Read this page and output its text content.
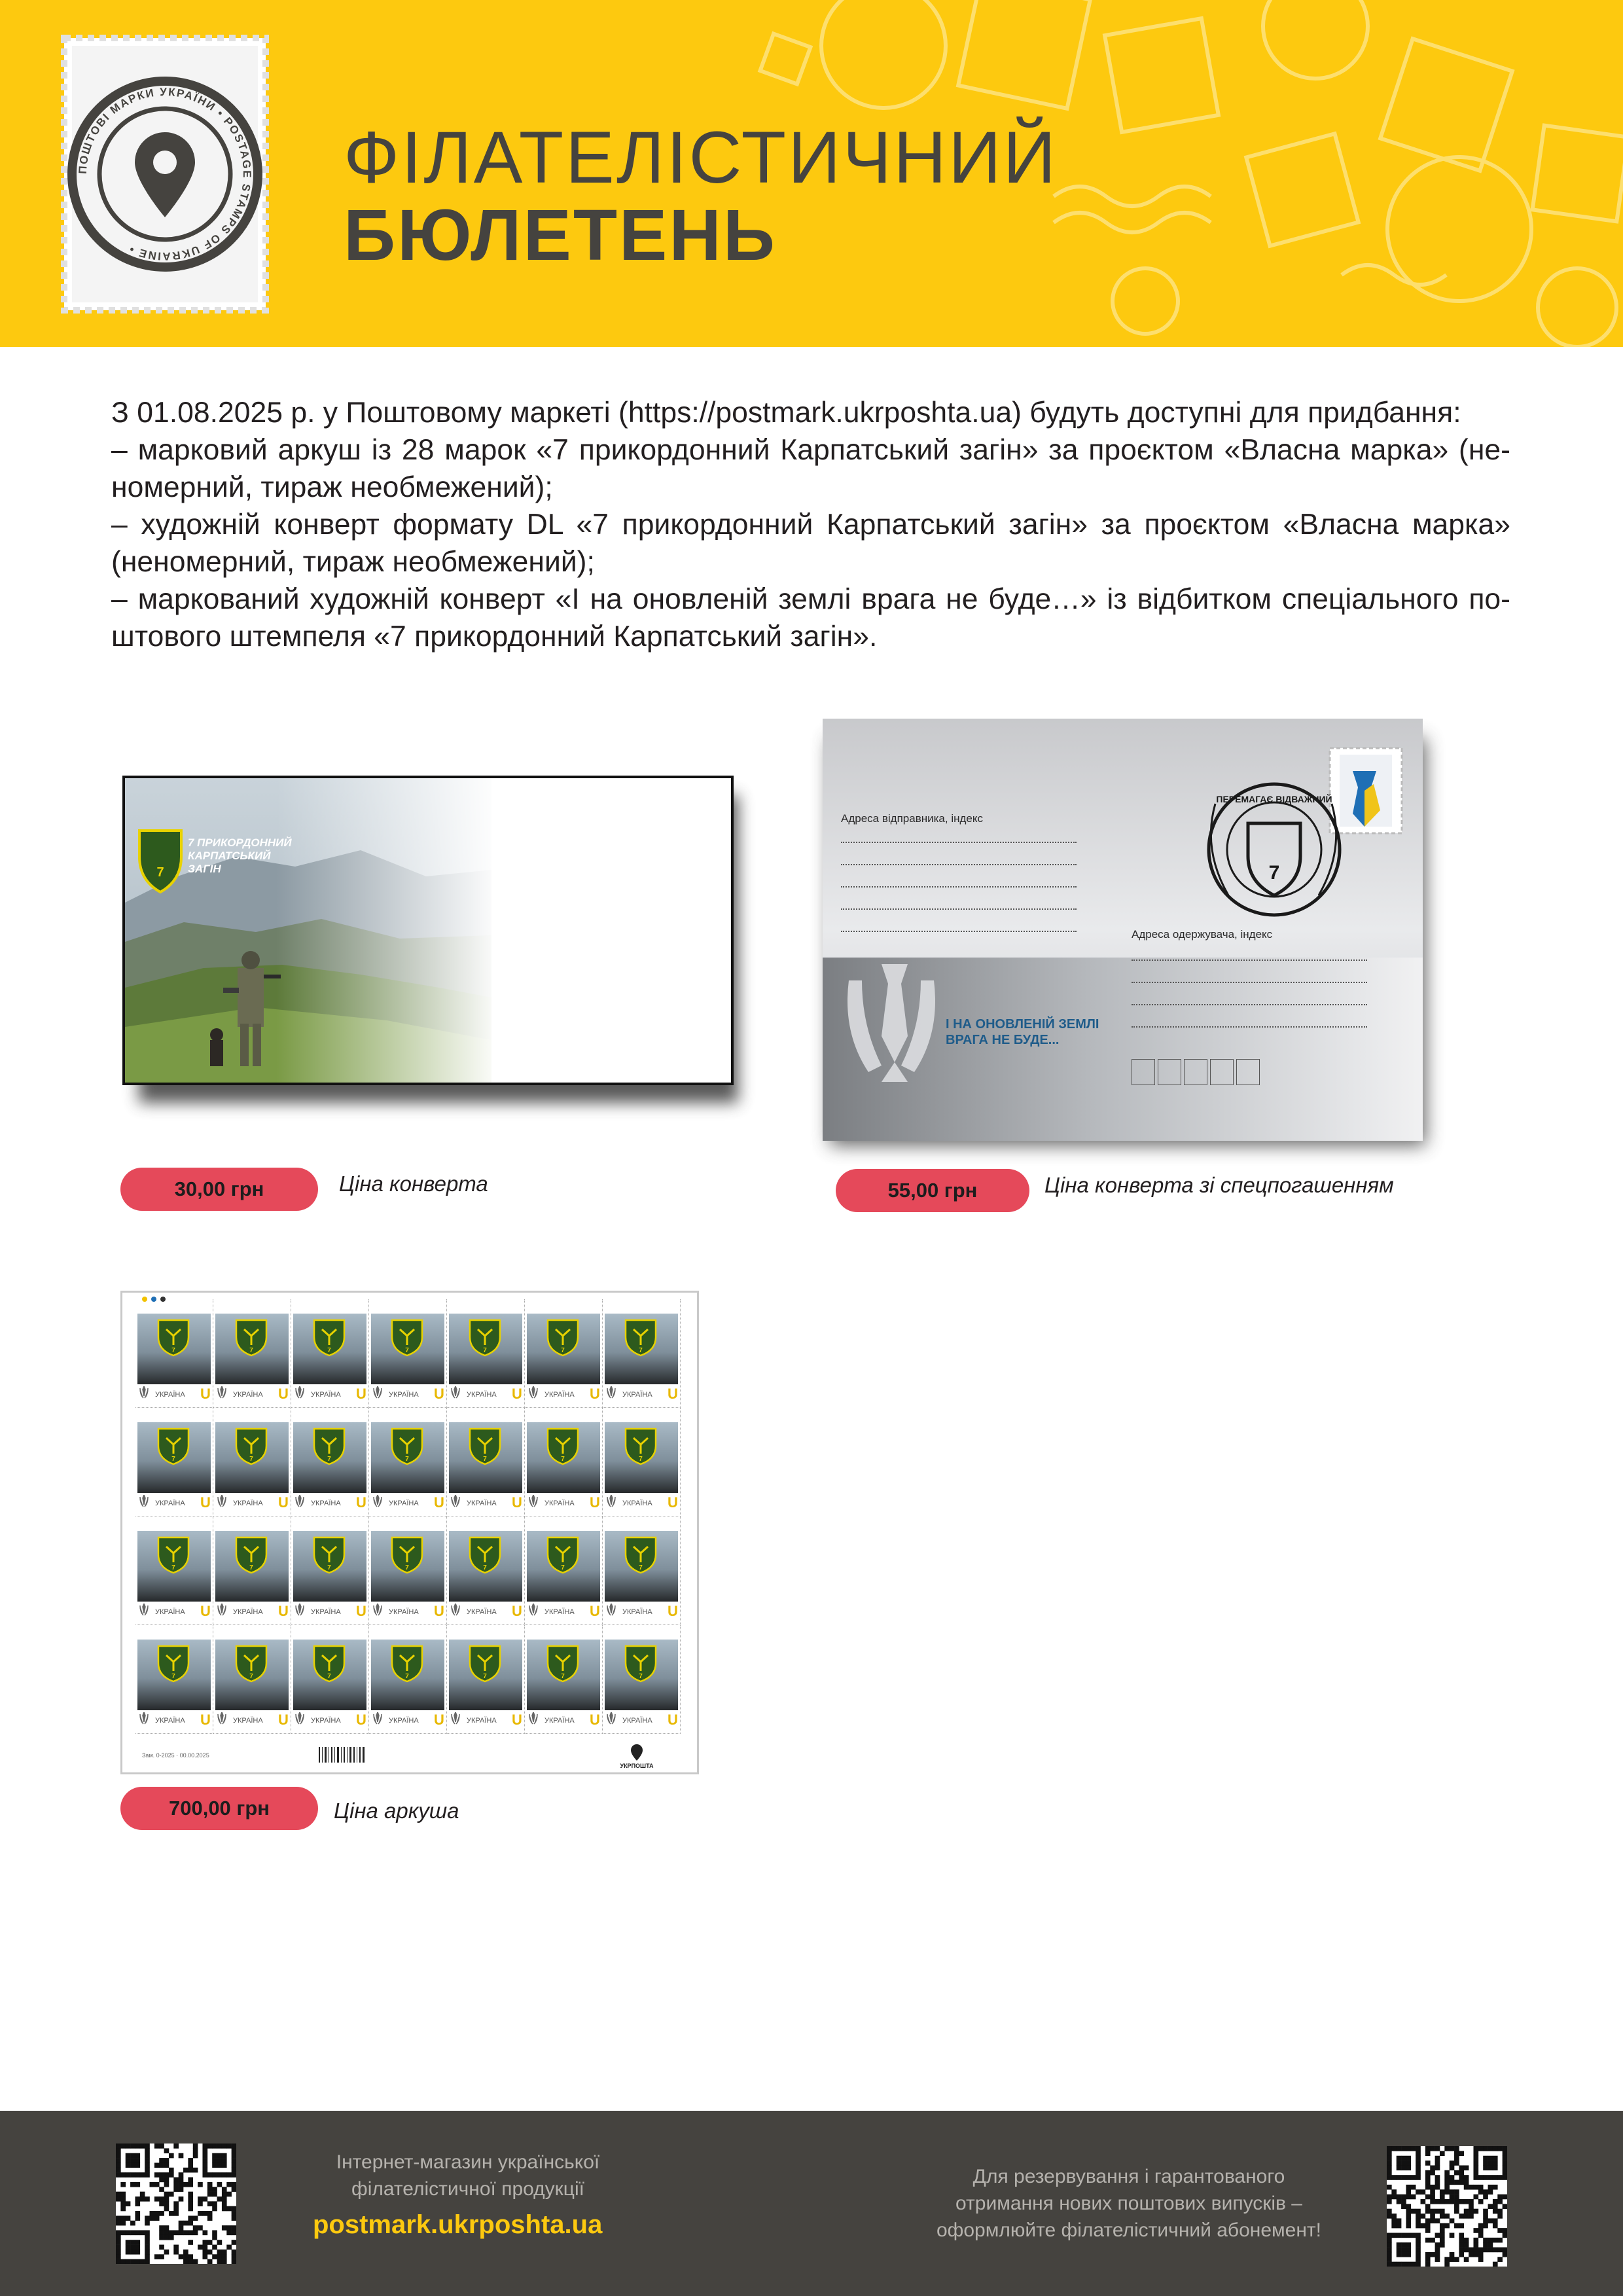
ПОШТОВІ МАРКИ УКРАЇНИ • POSTAGE STAMPS OF UKRAINE •
ФІЛАТЕЛІСТИЧНИЙ
БЮЛЕТЕНЬ

З 01.08.2025 р. у Поштовому маркеті (https://postmark.ukrposhta.ua) будуть доступні для придбання:

– марковий аркуш із 28 марок «7 прикордонний Карпатський загін» за проєктом «Власна марка» (неномерний, тираж необмежений);

– художній конверт формату DL «7 прикордонний Карпатський загін» за проєктом «Власна марка» (неномерний, тираж необмежений);

– маркований художній конверт «І на оновленій землі врага не буде…» із відбитком спеціального поштового штемпеля «7 прикордонний Карпатський загін».

7
7 ПРИКОРДОННИЙ
КАРПАТСЬКИЙ
ЗАГІН	7
ПЕРЕМАГАЄ ВІДВАЖНИЙ
Адреса відправника, індекс
Адреса одержувача, індекс
І НА ОНОВЛЕНІЙ ЗЕМЛІ
ВРАГА НЕ БУДЕ...
30,00 грн	Ціна конверта	55,00 грн	Ціна конверта зі спецпогашенням
7
УКРАЇНА U
7
УКРАЇНА U
7
УКРАЇНА U
7
УКРАЇНА U
7
УКРАЇНА U
7
УКРАЇНА U
7
УКРАЇНА U
7
УКРАЇНА U
7
УКРАЇНА U
7
УКРАЇНА U
7
УКРАЇНА U
7
УКРАЇНА U
7
УКРАЇНА U
7
УКРАЇНА U
7
УКРАЇНА U
7
УКРАЇНА U
7
УКРАЇНА U
7
УКРАЇНА U
7
УКРАЇНА U
7
УКРАЇНА U
7
УКРАЇНА U
7
УКРАЇНА U
7
УКРАЇНА U
7
УКРАЇНА U
7
УКРАЇНА U
7
УКРАЇНА U
7
УКРАЇНА U
7
УКРАЇНА U
Зам. 0-2025 · 00.00.2025
УКРПОШТА
700,00 грн	Ціна аркуша
Інтернет-магазин української
філателістичної продукції
postmark.ukrposhta.ua
Для резервування і гарантованого
отримання нових поштових випусків –
оформлюйте філателістичний абонемент!
